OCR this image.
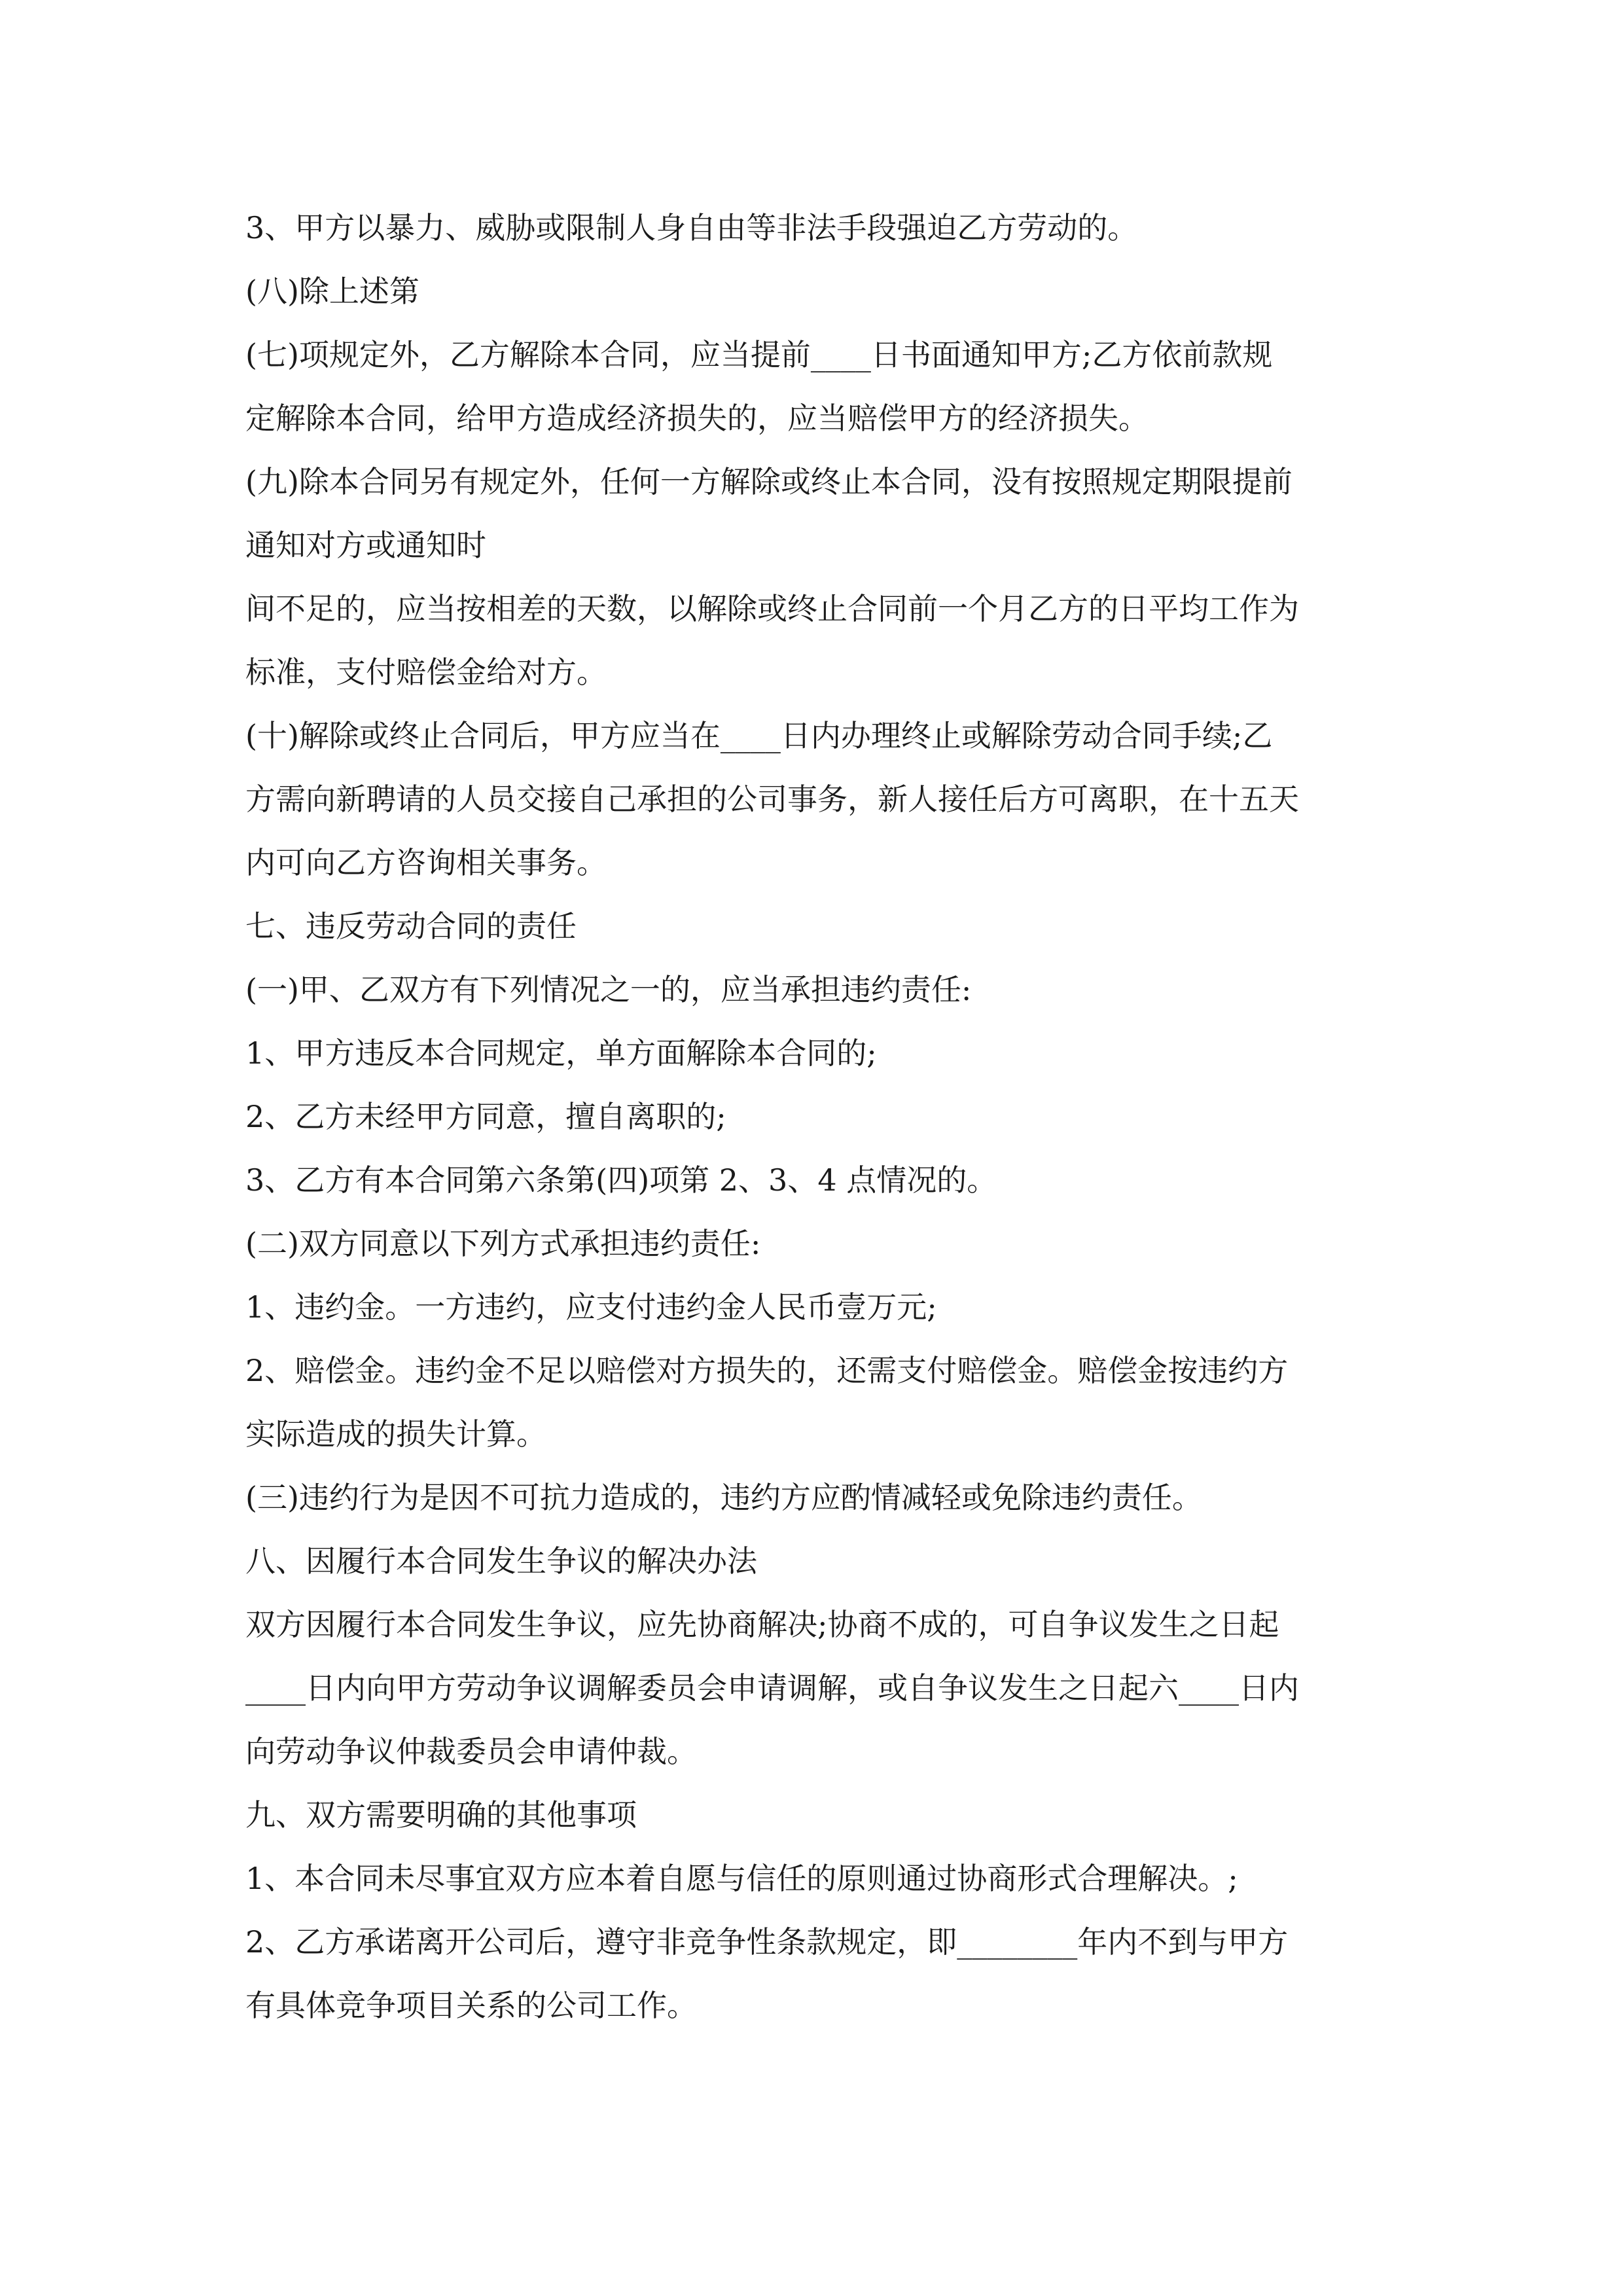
3、甲方以暴力、威胁或限制人身自由等非法手段强迫乙方劳动的。
(八)除上述第
(七)项规定外，乙方解除本合同，应当提前____日书面通知甲方;乙方依前款规
定解除本合同，给甲方造成经济损失的，应当赔偿甲方的经济损失。
(九)除本合同另有规定外，任何一方解除或终止本合同，没有按照规定期限提前
通知对方或通知时
间不足的，应当按相差的天数，以解除或终止合同前一个月乙方的日平均工作为
标准，支付赔偿金给对方。
(十)解除或终止合同后，甲方应当在____日内办理终止或解除劳动合同手续;乙
方需向新聘请的人员交接自己承担的公司事务，新人接任后方可离职，在十五天
内可向乙方咨询相关事务。
七、违反劳动合同的责任
(一)甲、乙双方有下列情况之一的，应当承担违约责任:
1、甲方违反本合同规定，单方面解除本合同的;
2、乙方未经甲方同意，擅自离职的;
3、乙方有本合同第六条第(四)项第 2、3、4 点情况的。
(二)双方同意以下列方式承担违约责任:
1、违约金。一方违约，应支付违约金人民币壹万元;
2、赔偿金。违约金不足以赔偿对方损失的，还需支付赔偿金。赔偿金按违约方
实际造成的损失计算。
(三)违约行为是因不可抗力造成的，违约方应酌情减轻或免除违约责任。
八、因履行本合同发生争议的解决办法
双方因履行本合同发生争议，应先协商解决;协商不成的，可自争议发生之日起
____日内向甲方劳动争议调解委员会申请调解，或自争议发生之日起六____日内
向劳动争议仲裁委员会申请仲裁。
九、双方需要明确的其他事项
1、本合同未尽事宜双方应本着自愿与信任的原则通过协商形式合理解决。;
2、乙方承诺离开公司后，遵守非竞争性条款规定，即________年内不到与甲方
有具体竞争项目关系的公司工作。
